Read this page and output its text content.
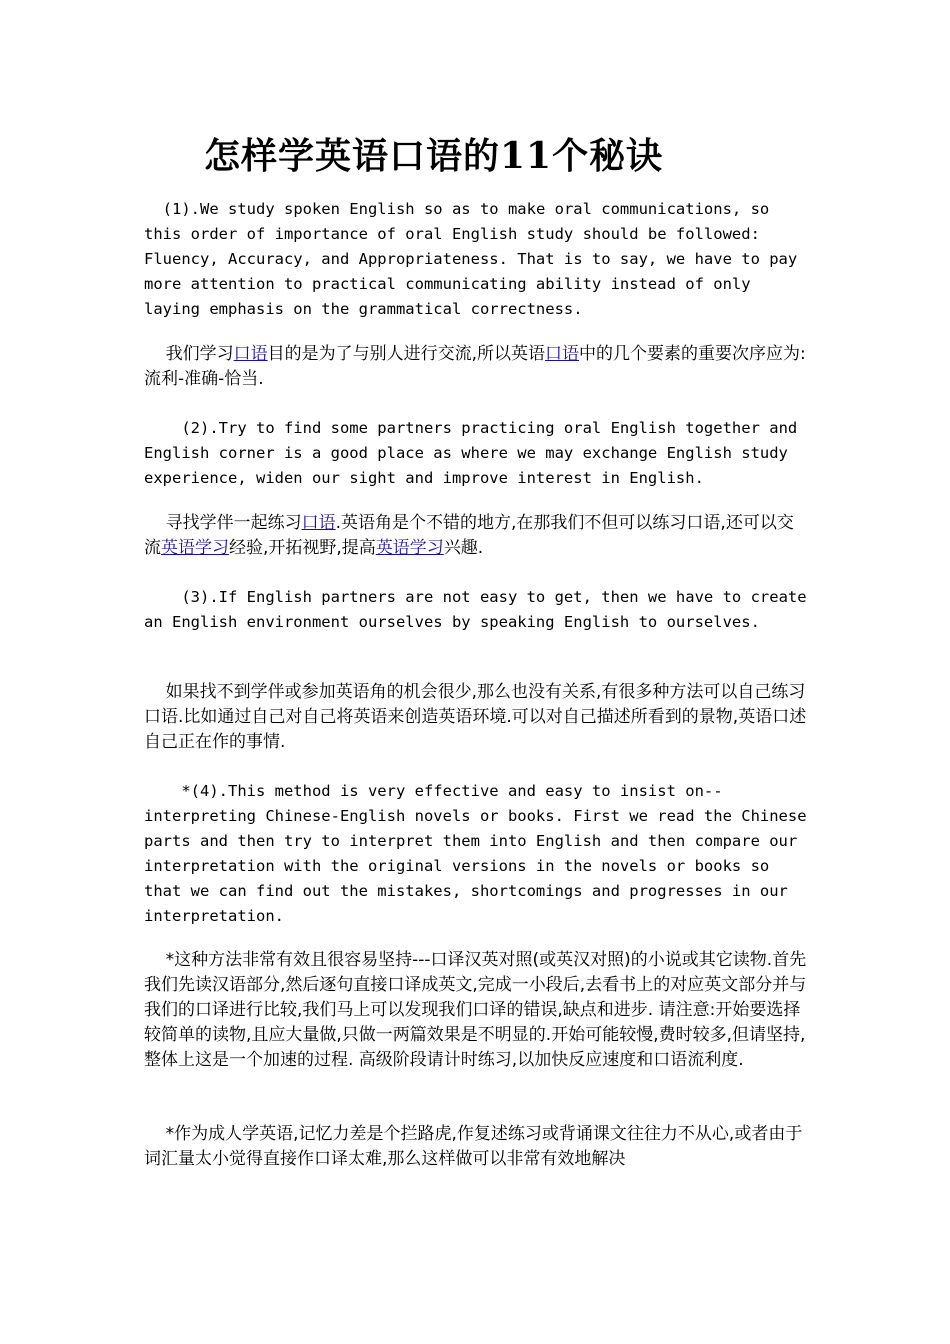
怎样学英语口语的11个秘诀

(1).We study spoken English so as to make oral communications, so this order of importance of oral English study should be followed: Fluency, Accuracy, and Appropriateness. That is to say, we have to pay more attention to practical communicating ability instead of only laying emphasis on the grammatical correctness.

我们学习口语目的是为了与别人进行交流,所以英语口语中的几个要素的重要次序应为:流利-准确-恰当.

(2).Try to find some partners practicing oral English together and English corner is a good place as where we may exchange English study experience, widen our sight and improve interest in English.

寻找学伴一起练习口语.英语角是个不错的地方,在那我们不但可以练习口语,还可以交流英语学习经验,开拓视野,提高英语学习兴趣.

(3).If English partners are not easy to get, then we have to create an English environment ourselves by speaking English to ourselves.

如果找不到学伴或参加英语角的机会很少,那么也没有关系,有很多种方法可以自己练习口语.比如通过自己对自己将英语来创造英语环境.可以对自己描述所看到的景物,英语口述自己正在作的事情.

*(4).This method is very effective and easy to insist on--interpreting Chinese-English novels or books. First we read the Chinese parts and then try to interpret them into English and then compare our interpretation with the original versions in the novels or books so that we can find out the mistakes, shortcomings and progresses in our interpretation.

*这种方法非常有效且很容易坚持---口译汉英对照(或英汉对照)的小说或其它读物.首先我们先读汉语部分,然后逐句直接口译成英文,完成一小段后,去看书上的对应英文部分并与我们的口译进行比较,我们马上可以发现我们口译的错误,缺点和进步. 请注意:开始要选择较简单的读物,且应大量做,只做一两篇效果是不明显的.开始可能较慢,费时较多,但请坚持,整体上这是一个加速的过程. 高级阶段请计时练习,以加快反应速度和口语流利度.

*作为成人学英语,记忆力差是个拦路虎,作复述练习或背诵课文往往力不从心,或者由于词汇量太小觉得直接作口译太难,那么这样做可以非常有效地解决
